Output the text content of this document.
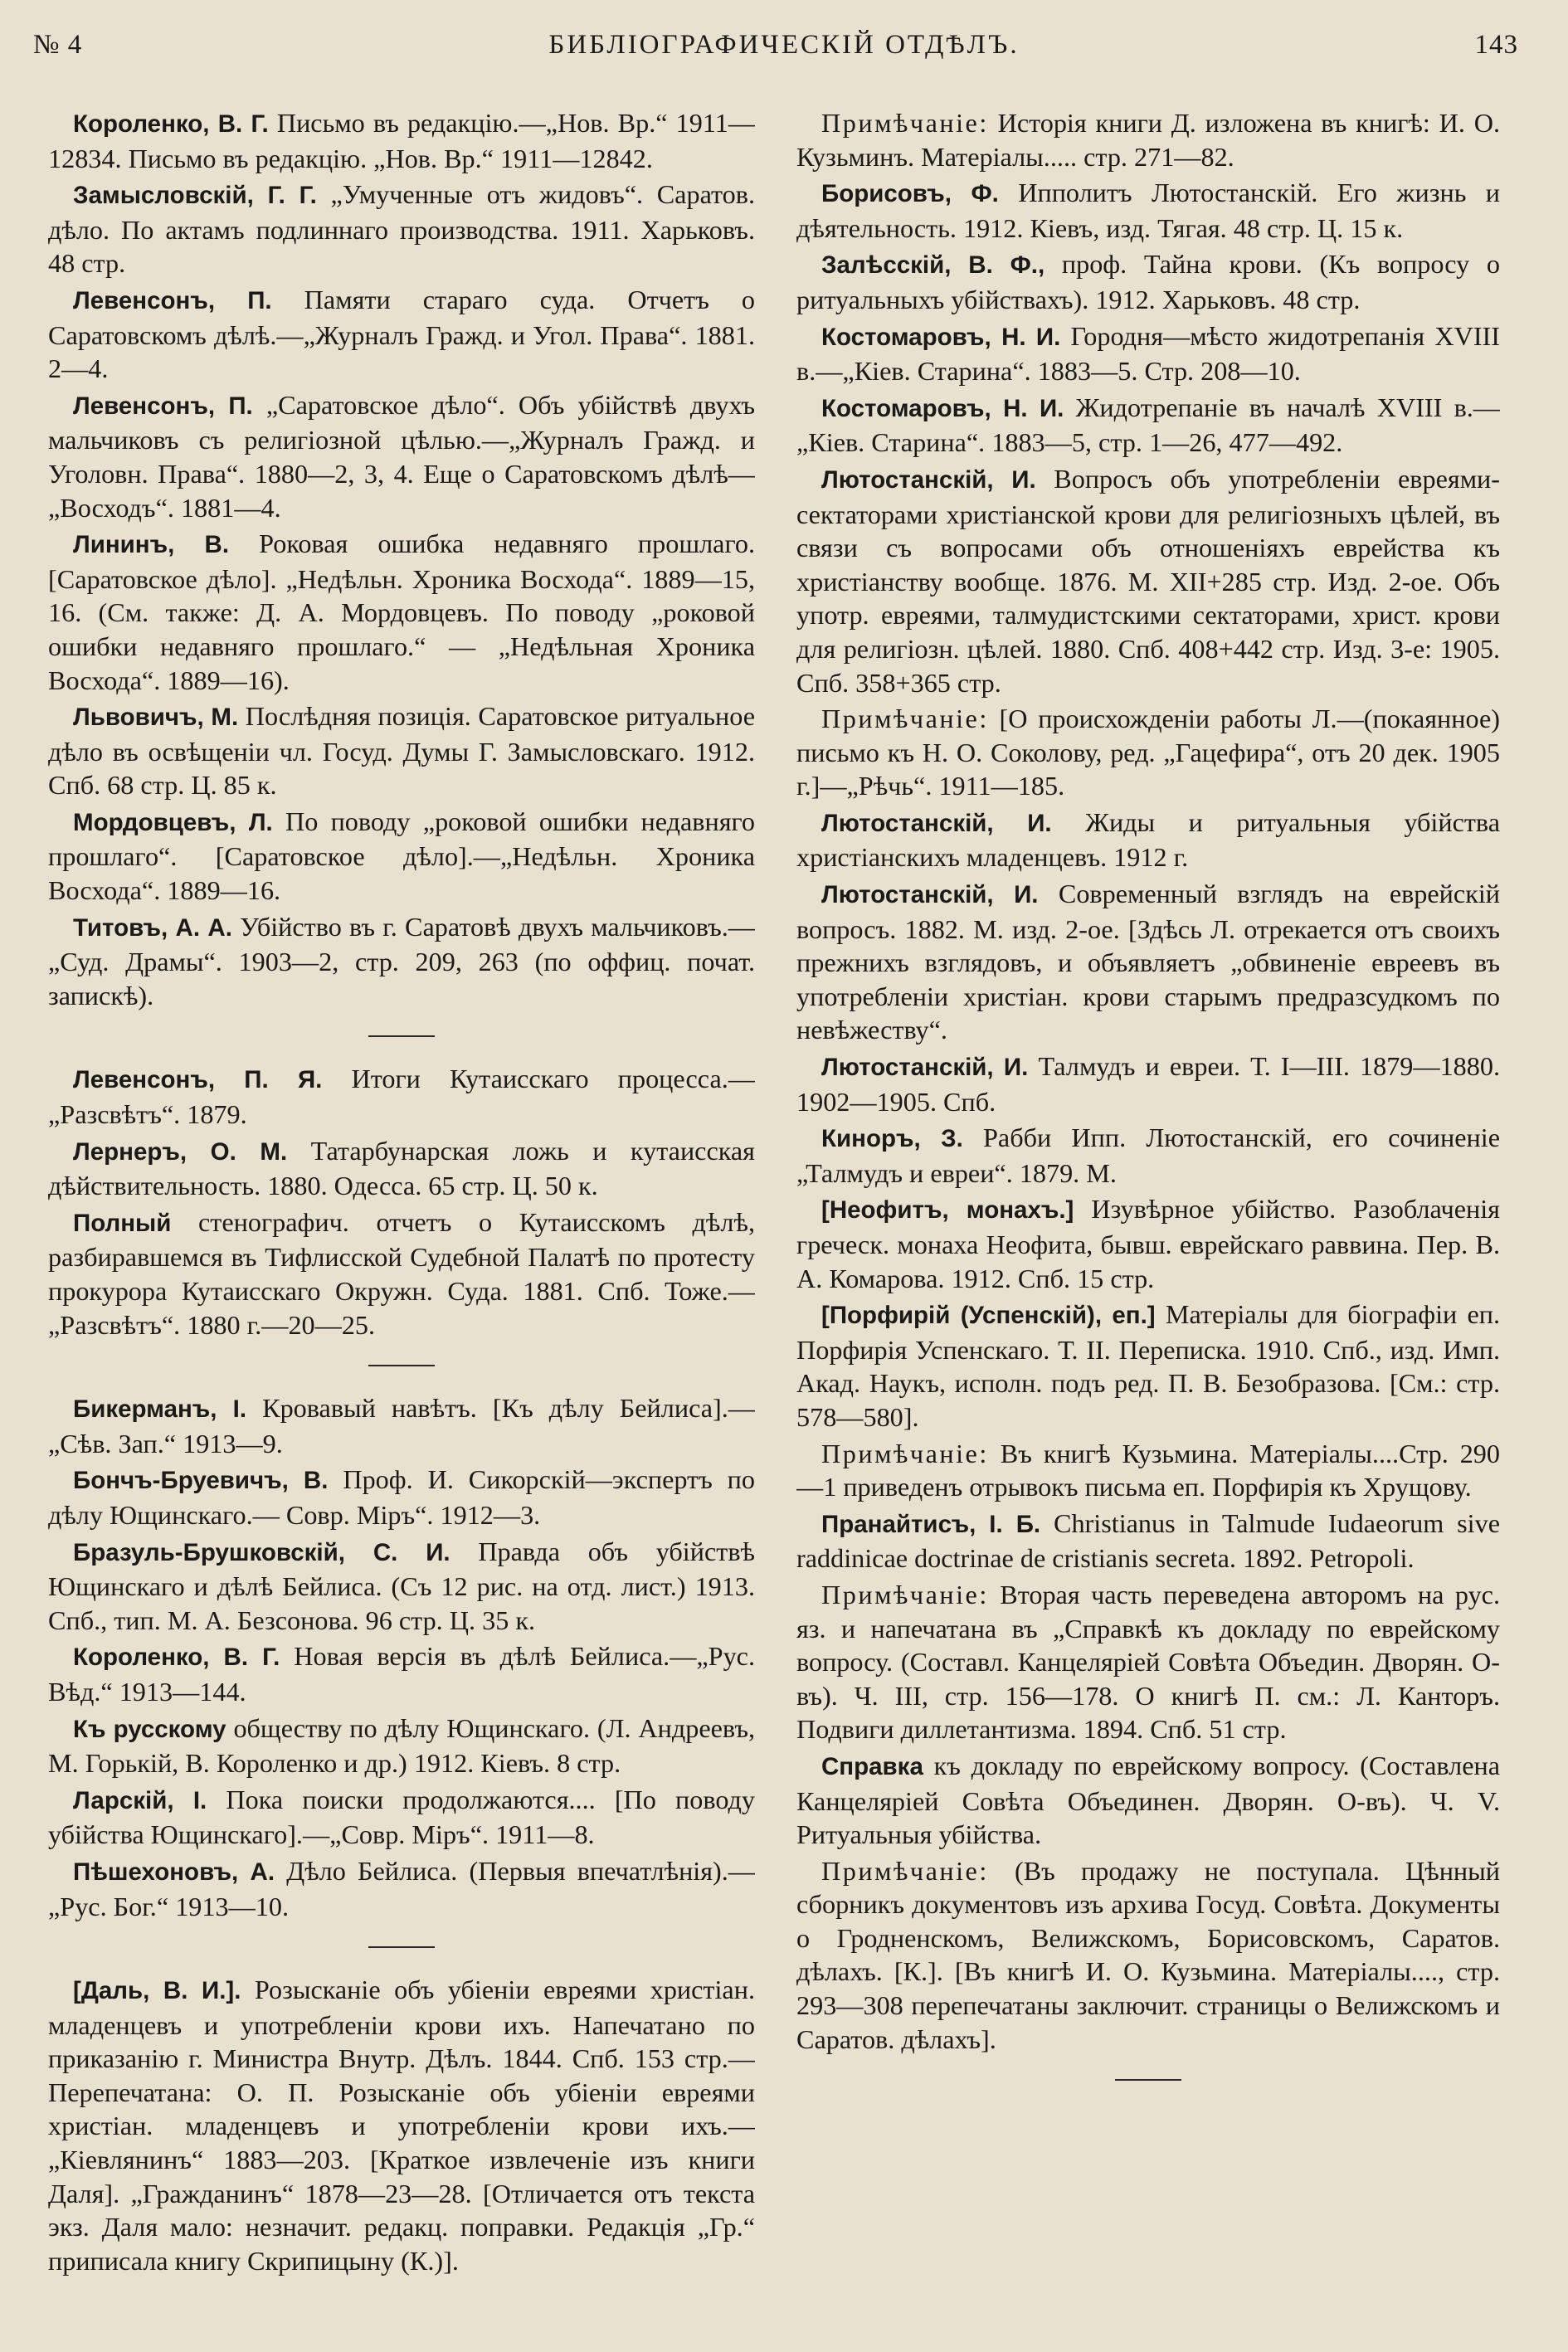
№ 4	БИБЛІОГРАФИЧЕСКІЙ ОТДѢЛЪ.	143

Короленко, В. Г. Письмо въ редакцію.—„Нов. Вр.“ 1911—12834. Письмо въ редакцію. „Нов. Вр.“ 1911—12842.

Замысловскій, Г. Г. „Умученные отъ жидовъ“. Саратов. дѣло. По актамъ подлиннаго производства. 1911. Харьковъ. 48 стр.

Левенсонъ, П. Памяти стараго суда. Отчетъ о Саратовскомъ дѣлѣ.—„Журналъ Гражд. и Угол. Права“. 1881. 2—4.

Левенсонъ, П. „Саратовское дѣло“. Объ убійствѣ двухъ мальчиковъ съ религіозной цѣлью.—„Журналъ Гражд. и Уголовн. Права“. 1880—2, 3, 4. Еще о Саратовскомъ дѣлѣ—„Восходъ“. 1881—4.

Лининъ, В. Роковая ошибка недавняго прошлаго. [Саратовское дѣло]. „Недѣльн. Хроника Восхода“. 1889—15, 16. (См. также: Д. А. Мордовцевъ. По поводу „роковой ошибки недавняго прошлаго.“ — „Недѣльная Хроника Восхода“. 1889—16).

Львовичъ, М. Послѣдняя позиція. Саратовское ритуальное дѣло въ освѣщеніи чл. Госуд. Думы Г. Замысловскаго. 1912. Спб. 68 стр. Ц. 85 к.

Мордовцевъ, Л. По поводу „роковой ошибки недавняго прошлаго“. [Саратовское дѣло].—„Недѣльн. Хроника Восхода“. 1889—16.

Титовъ, А. А. Убійство въ г. Саратовѣ двухъ мальчиковъ.—„Суд. Драмы“. 1903—2, стр. 209, 263 (по оффиц. почат. запискѣ).

Левенсонъ, П. Я. Итоги Кутаисскаго процесса.—„Разсвѣтъ“. 1879.

Лернеръ, О. М. Татарбунарская ложь и кутаисская дѣйствительность. 1880. Одесса. 65 стр. Ц. 50 к.

Полный стенографич. отчетъ о Кутаисскомъ дѣлѣ, разбиравшемся въ Тифлисской Судебной Палатѣ по протесту прокурора Кутаисскаго Окружн. Суда. 1881. Спб. Тоже.—„Разсвѣтъ“. 1880 г.—20—25.

Бикерманъ, І. Кровавый навѣтъ. [Къ дѣлу Бейлиса].—„Сѣв. Зап.“ 1913—9.

Бончъ-Бруевичъ, В. Проф. И. Сикорскій—экспертъ по дѣлу Ющинскаго.— Совр. Міръ“. 1912—3.

Бразуль-Брушковскій, С. И. Правда объ убійствѣ Ющинскаго и дѣлѣ Бейлиса. (Съ 12 рис. на отд. лист.) 1913. Спб., тип. М. А. Безсонова. 96 стр. Ц. 35 к.

Короленко, В. Г. Новая версія въ дѣлѣ Бейлиса.—„Рус. Вѣд.“ 1913—144.

Къ русскому обществу по дѣлу Ющинскаго. (Л. Андреевъ, М. Горькій, В. Короленко и др.) 1912. Кіевъ. 8 стр.

Ларскій, І. Пока поиски продолжаются.... [По поводу убійства Ющинскаго].—„Совр. Міръ“. 1911—8.

Пѣшехоновъ, А. Дѣло Бейлиса. (Первыя впечатлѣнія).—„Рус. Бог.“ 1913—10.

[Даль, В. И.]. Розысканіе объ убіеніи евреями христіан. младенцевъ и употребленіи крови ихъ. Напечатано по приказанію г. Министра Внутр. Дѣлъ. 1844. Спб. 153 стр.—Перепечатана: О. П. Розысканіе объ убіеніи евреями христіан. младенцевъ и употребленіи крови ихъ.—„Кіевлянинъ“ 1883—203. [Краткое извлеченіе изъ книги Даля]. „Гражданинъ“ 1878—23—28. [Отличается отъ текста экз. Даля мало: незначит. редакц. поправки. Редакція „Гр.“ приписала книгу Скрипицыну (К.)].

Примѣчаніе: Исторія книги Д. изложена въ книгѣ: И. О. Кузьминъ. Матеріалы..... стр. 271—82.

Борисовъ, Ф. Ипполитъ Лютостанскій. Его жизнь и дѣятельность. 1912. Кіевъ, изд. Тягая. 48 стр. Ц. 15 к.

Залѣсскій, В. Ф., проф. Тайна крови. (Къ вопросу о ритуальныхъ убійствахъ). 1912. Харьковъ. 48 стр.

Костомаровъ, Н. И. Городня—мѣсто жидотрепанія XVIII в.—„Кіев. Старина“. 1883—5. Стр. 208—10.

Костомаровъ, Н. И. Жидотрепаніе въ началѣ XVIII в.—„Кіев. Старина“. 1883—5, стр. 1—26, 477—492.

Лютостанскій, И. Вопросъ объ употребленіи евреями-сектаторами христіанской крови для религіозныхъ цѣлей, въ связи съ вопросами объ отношеніяхъ еврейства къ христіанству вообще. 1876. М. XII+285 стр. Изд. 2-ое. Объ употр. евреями, талмудистскими сектаторами, христ. крови для религіозн. цѣлей. 1880. Спб. 408+442 стр. Изд. 3-е: 1905. Спб. 358+365 стр.

Примѣчаніе: [О происхожденіи работы Л.—(покаянное) письмо къ Н. О. Соколову, ред. „Гацефира“, отъ 20 дек. 1905 г.]—„Рѣчь“. 1911—185.

Лютостанскій, И. Жиды и ритуальныя убійства христіанскихъ младенцевъ. 1912 г.

Лютостанскій, И. Современный взглядъ на еврейскій вопросъ. 1882. М. изд. 2-ое. [Здѣсь Л. отрекается отъ своихъ прежнихъ взглядовъ, и объявляетъ „обвиненіе евреевъ въ употребленіи христіан. крови старымъ предразсудкомъ по невѣжеству“.

Лютостанскій, И. Талмудъ и евреи. Т. I—III. 1879—1880. 1902—1905. Спб.

Киноръ, З. Рабби Ипп. Лютостанскій, его сочиненіе „Талмудъ и евреи“. 1879. М.

[Неофитъ, монахъ.] Изувѣрное убійство. Разоблаченія греческ. монаха Неофита, бывш. еврейскаго раввина. Пер. В. А. Комарова. 1912. Спб. 15 стр.

[Порфирій (Успенскій), еп.] Матеріалы для біографіи еп. Порфирія Успенскаго. Т. II. Переписка. 1910. Спб., изд. Имп. Акад. Наукъ, исполн. подъ ред. П. В. Безобразова. [См.: стр. 578—580].

Примѣчаніе: Въ книгѣ Кузьмина. Матеріалы....Стр. 290—1 приведенъ отрывокъ письма еп. Порфирія къ Хрущову.

Пранайтисъ, І. Б. Christianus in Talmude Iudaeorum sive raddinicae doctrinae de cristianis secreta. 1892. Petropoli.

Примѣчаніе: Вторая часть переведена авторомъ на рус. яз. и напечатана въ „Справкѣ къ докладу по еврейскому вопросу. (Составл. Канцеляріей Совѣта Объедин. Дворян. О-въ). Ч. III, стр. 156—178. О книгѣ П. см.: Л. Канторъ. Подвиги диллетантизма. 1894. Спб. 51 стр.

Справка къ докладу по еврейскому вопросу. (Составлена Канцеляріей Совѣта Объединен. Дворян. О-въ). Ч. V. Ритуальныя убійства.

Примѣчаніе: (Въ продажу не поступала. Цѣнный сборникъ документовъ изъ архива Госуд. Совѣта. Документы о Гродненскомъ, Велижскомъ, Борисовскомъ, Саратов. дѣлахъ. [К.]. [Въ книгѣ И. О. Кузьмина. Матеріалы...., стр. 293—308 перепечатаны заключит. страницы о Велижскомъ и Саратов. дѣлахъ].
